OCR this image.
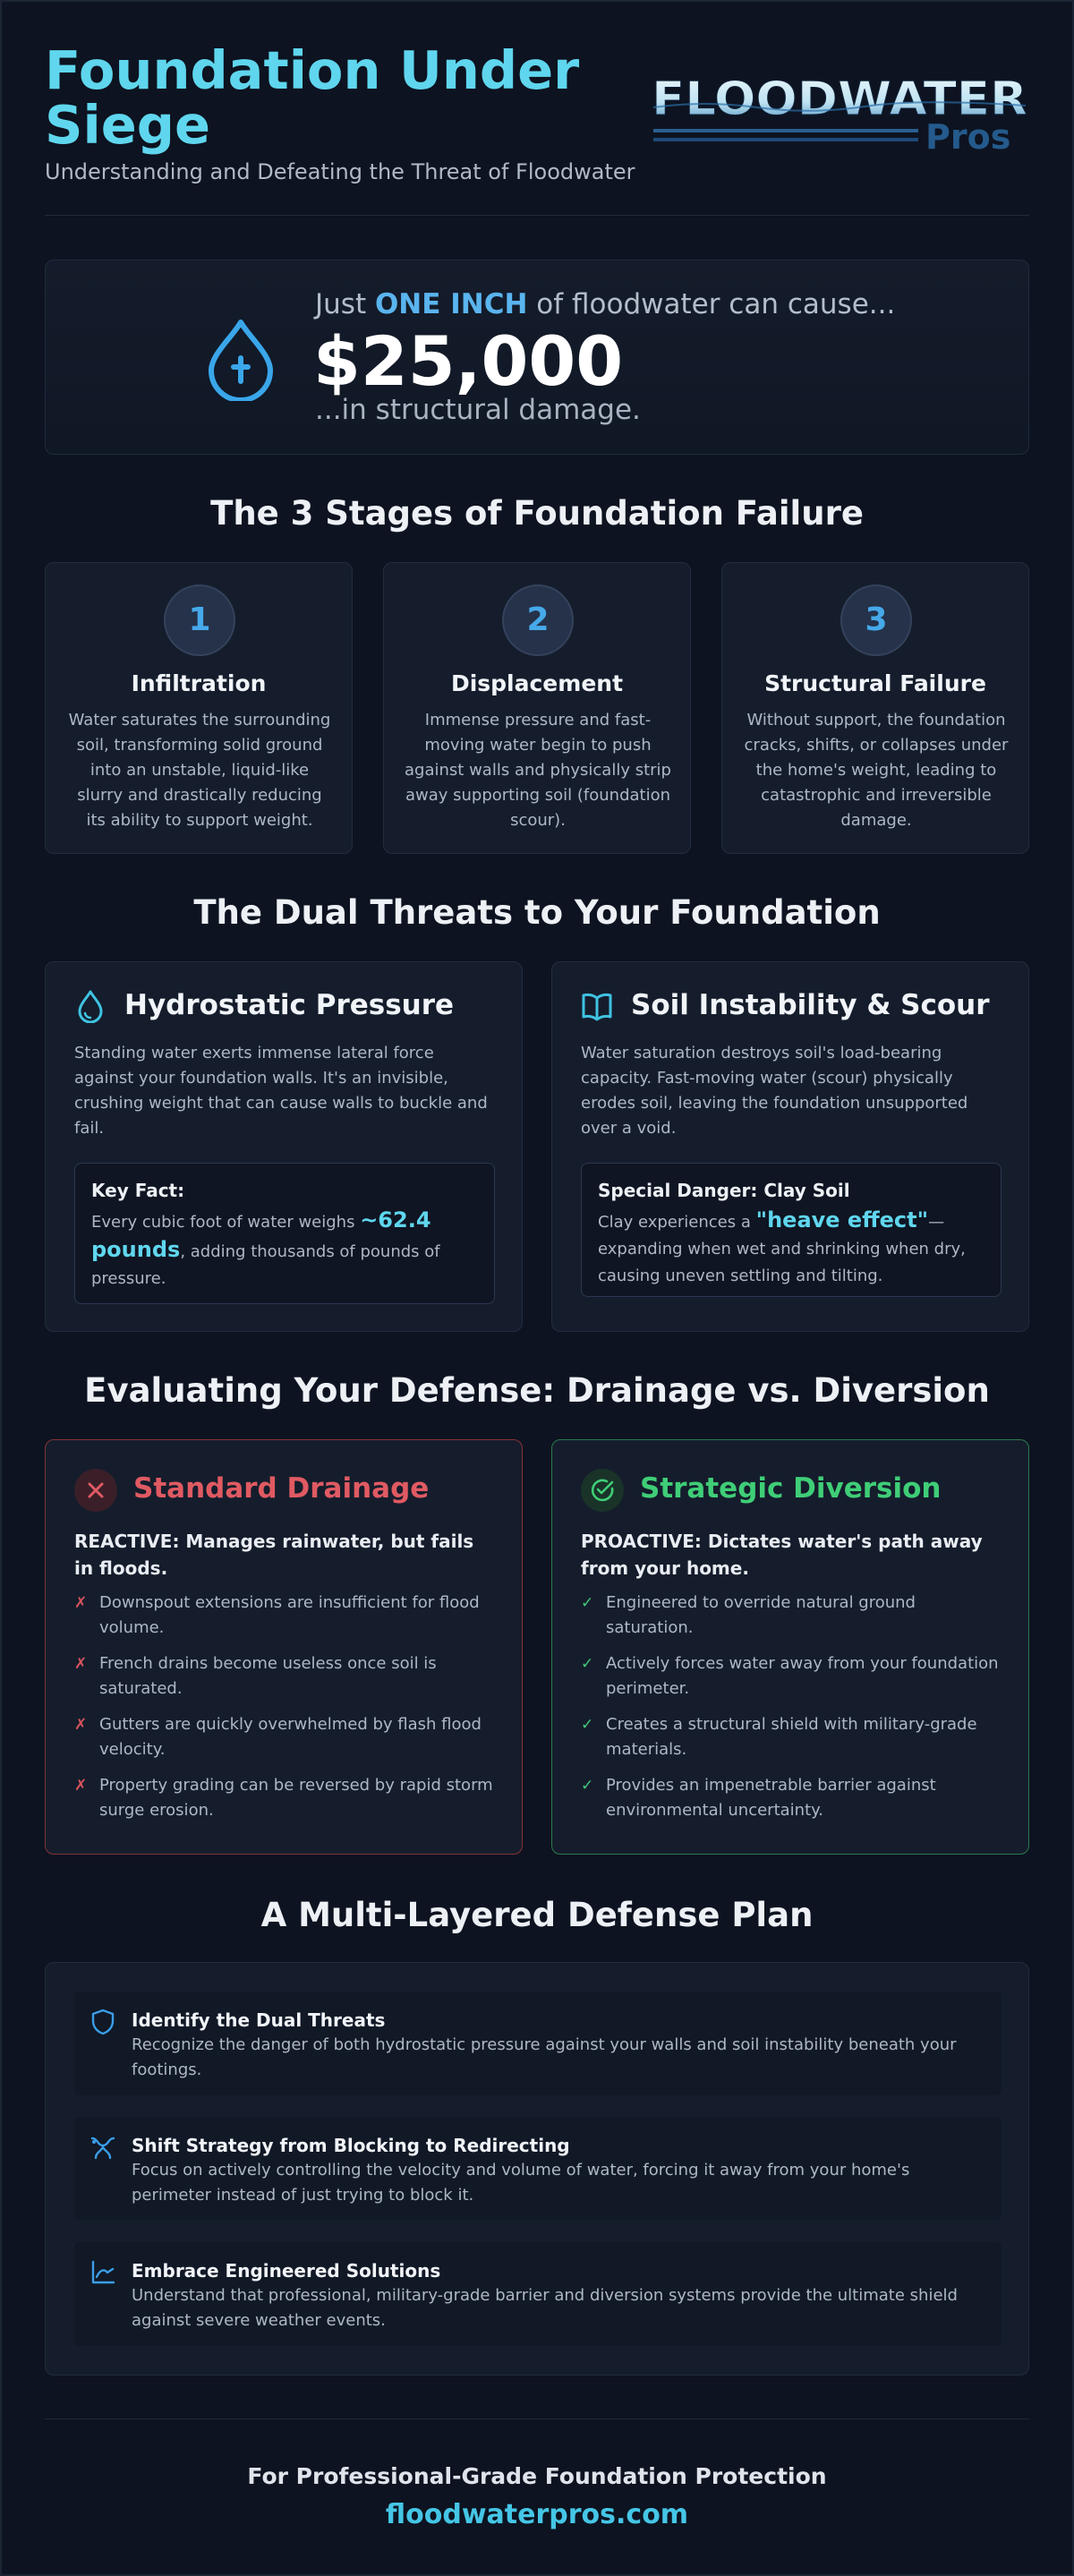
Foundation Under Siege
Understanding and Defeating the Threat of Floodwater
FLOODWATER
Pros
Just ONE INCH of floodwater can cause...
$25,000
...in structural damage.
The 3 Stages of Foundation Failure
1
Infiltration
Water saturates the surrounding soil, transforming solid ground into an unstable, liquid-like slurry and drastically reducing its ability to support weight.
2
Displacement
Immense pressure and fast-moving water begin to push against walls and physically strip away supporting soil (foundation scour).
3
Structural Failure
Without support, the foundation cracks, shifts, or collapses under the home's weight, leading to catastrophic and irreversible damage.
The Dual Threats to Your Foundation
Hydrostatic Pressure
Standing water exerts immense lateral force against your foundation walls. It's an invisible, crushing weight that can cause walls to buckle and fail.
Key Fact:
Every cubic foot of water weighs ~62.4 pounds, adding thousands of pounds of pressure.
Soil Instability & Scour
Water saturation destroys soil's load-bearing capacity. Fast-moving water (scour) physically erodes soil, leaving the foundation unsupported over a void.
Special Danger: Clay Soil
Clay experiences a "heave effect"—expanding when wet and shrinking when dry, causing uneven settling and tilting.
Evaluating Your Defense: Drainage vs. Diversion
Standard Drainage
REACTIVE: Manages rainwater, but fails in floods.
✗ Downspout extensions are insufficient for flood volume.
✗ French drains become useless once soil is saturated.
✗ Gutters are quickly overwhelmed by flash flood velocity.
✗ Property grading can be reversed by rapid storm surge erosion.
Strategic Diversion
PROACTIVE: Dictates water's path away from your home.
✓ Engineered to override natural ground saturation.
✓ Actively forces water away from your foundation perimeter.
✓ Creates a structural shield with military-grade materials.
✓ Provides an impenetrable barrier against environmental uncertainty.
A Multi-Layered Defense Plan
Identify the Dual Threats
Recognize the danger of both hydrostatic pressure against your walls and soil instability beneath your footings.
Shift Strategy from Blocking to Redirecting
Focus on actively controlling the velocity and volume of water, forcing it away from your home's perimeter instead of just trying to block it.
Embrace Engineered Solutions
Understand that professional, military-grade barrier and diversion systems provide the ultimate shield against severe weather events.
For Professional-Grade Foundation Protection
floodwaterpros.com
